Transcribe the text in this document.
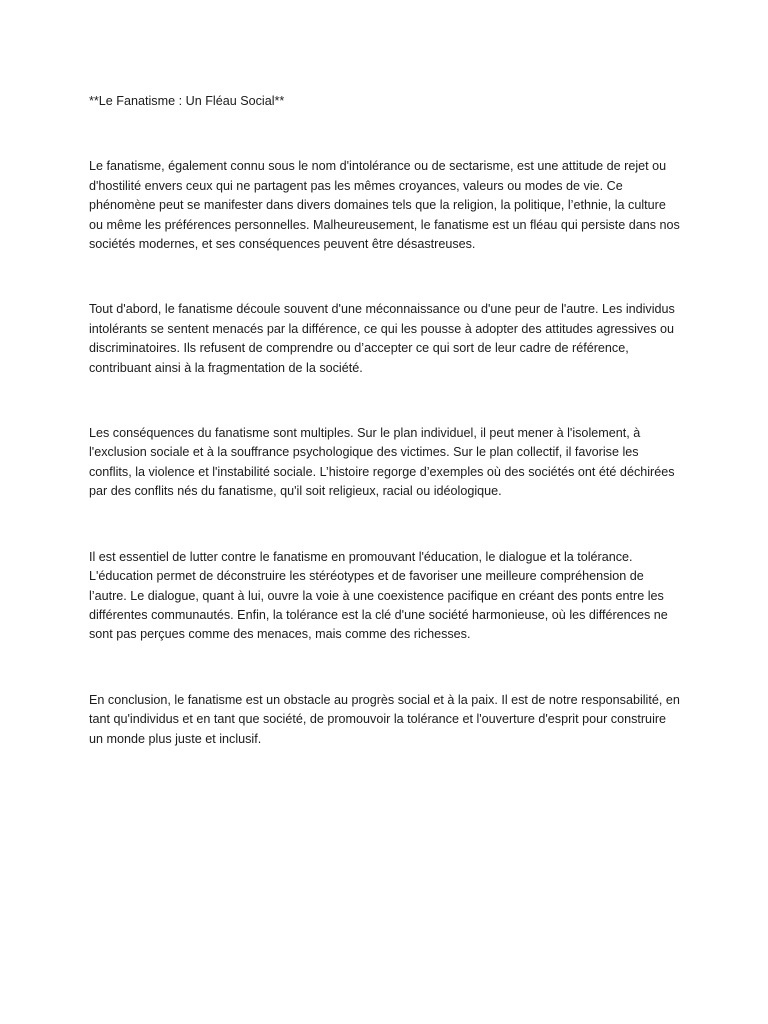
**Le Fanatisme : Un Fléau Social**

Le fanatisme, également connu sous le nom d'intolérance ou de sectarisme, est une attitude de rejet ou d'hostilité envers ceux qui ne partagent pas les mêmes croyances, valeurs ou modes de vie. Ce phénomène peut se manifester dans divers domaines tels que la religion, la politique, l’ethnie, la culture ou même les préférences personnelles. Malheureusement, le fanatisme est un fléau qui persiste dans nos sociétés modernes, et ses conséquences peuvent être désastreuses.

Tout d'abord, le fanatisme découle souvent d'une méconnaissance ou d'une peur de l'autre. Les individus intolérants se sentent menacés par la différence, ce qui les pousse à adopter des attitudes agressives ou discriminatoires. Ils refusent de comprendre ou d’accepter ce qui sort de leur cadre de référence, contribuant ainsi à la fragmentation de la société.

Les conséquences du fanatisme sont multiples. Sur le plan individuel, il peut mener à l'isolement, à l'exclusion sociale et à la souffrance psychologique des victimes. Sur le plan collectif, il favorise les conflits, la violence et l'instabilité sociale. L’histoire regorge d’exemples où des sociétés ont été déchirées par des conflits nés du fanatisme, qu'il soit religieux, racial ou idéologique.

Il est essentiel de lutter contre le fanatisme en promouvant l'éducation, le dialogue et la tolérance. L'éducation permet de déconstruire les stéréotypes et de favoriser une meilleure compréhension de l’autre. Le dialogue, quant à lui, ouvre la voie à une coexistence pacifique en créant des ponts entre les différentes communautés. Enfin, la tolérance est la clé d'une société harmonieuse, où les différences ne sont pas perçues comme des menaces, mais comme des richesses.

En conclusion, le fanatisme est un obstacle au progrès social et à la paix. Il est de notre responsabilité, en tant qu'individus et en tant que société, de promouvoir la tolérance et l'ouverture d'esprit pour construire un monde plus juste et inclusif.
